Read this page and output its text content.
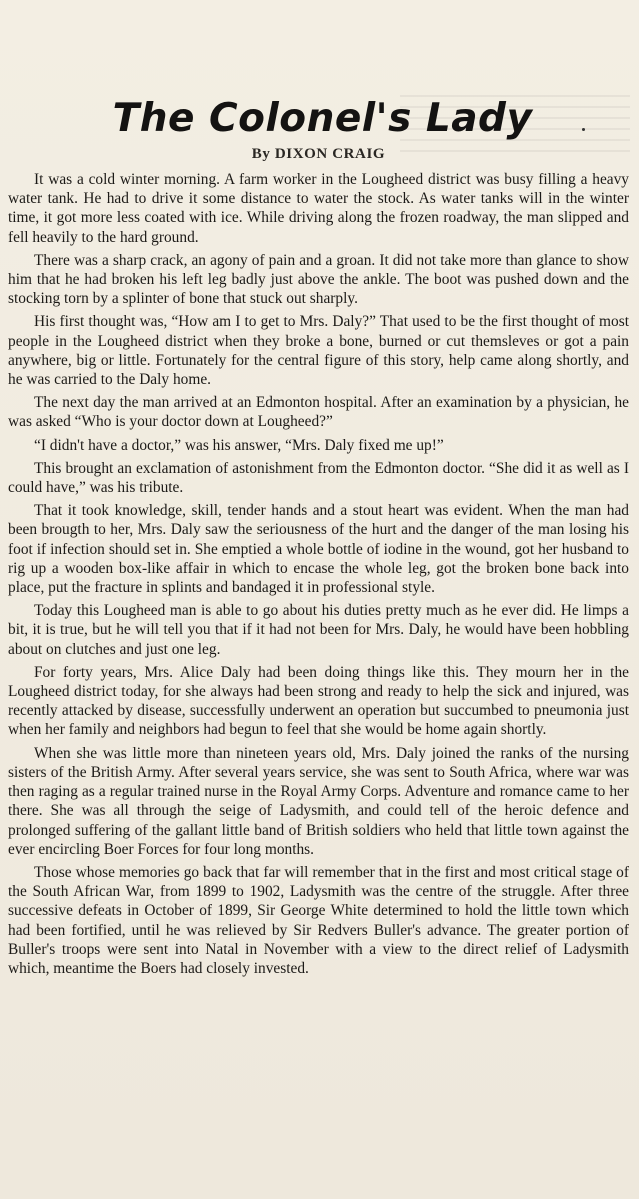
The Colonel's Lady
By DIXON CRAIG

It was a cold winter morning. A farm worker in the Lougheed district was busy filling a heavy water tank. He had to drive it some distance to water the stock. As water tanks will in the winter time, it got more less coated with ice. While driving along the frozen roadway, the man slipped and fell heavily to the hard ground.

There was a sharp crack, an agony of pain and a groan. It did not take more than glance to show him that he had broken his left leg badly just above the ankle. The boot was pushed down and the stocking torn by a splinter of bone that stuck out sharply.

His first thought was, “How am I to get to Mrs. Daly?” That used to be the first thought of most people in the Lougheed district when they broke a bone, burned or cut themsleves or got a pain anywhere, big or little. Fortunately for the central figure of this story, help came along shortly, and he was carried to the Daly home.

The next day the man arrived at an Edmonton hospital. After an examination by a physician, he was asked “Who is your doctor down at Lougheed?”

“I didn't have a doctor,” was his answer, “Mrs. Daly fixed me up!”

This brought an exclamation of astonishment from the Edmonton doctor. “She did it as well as I could have,” was his tribute.

That it took knowledge, skill, tender hands and a stout heart was evident. When the man had been brougth to her, Mrs. Daly saw the seriousness of the hurt and the danger of the man losing his foot if infection should set in. She emptied a whole bottle of iodine in the wound, got her husband to rig up a wooden box-like affair in which to encase the whole leg, got the broken bone back into place, put the fracture in splints and bandaged it in professional style.

Today this Lougheed man is able to go about his duties pretty much as he ever did. He limps a bit, it is true, but he will tell you that if it had not been for Mrs. Daly, he would have been hobbling about on clutches and just one leg.

For forty years, Mrs. Alice Daly had been doing things like this. They mourn her in the Lougheed district today, for she always had been strong and ready to help the sick and injured, was recently attacked by disease, successfully underwent an operation but succumbed to pneumonia just when her family and neighbors had begun to feel that she would be home again shortly.

When she was little more than nineteen years old, Mrs. Daly joined the ranks of the nursing sisters of the British Army. After several years service, she was sent to South Africa, where war was then raging as a regular trained nurse in the Royal Army Corps. Adventure and romance came to her there. She was all through the seige of Ladysmith, and could tell of the heroic defence and prolonged suffering of the gallant little band of British soldiers who held that little town against the ever encircling Boer Forces for four long months.

Those whose memories go back that far will remember that in the first and most critical stage of the South African War, from 1899 to 1902, Ladysmith was the centre of the struggle. After three successive defeats in October of 1899, Sir George White determined to hold the little town which had been fortified, until he was relieved by Sir Redvers Buller's advance. The greater portion of Buller's troops were sent into Natal in November with a view to the direct relief of Ladysmith which, meantime the Boers had closely invested.
